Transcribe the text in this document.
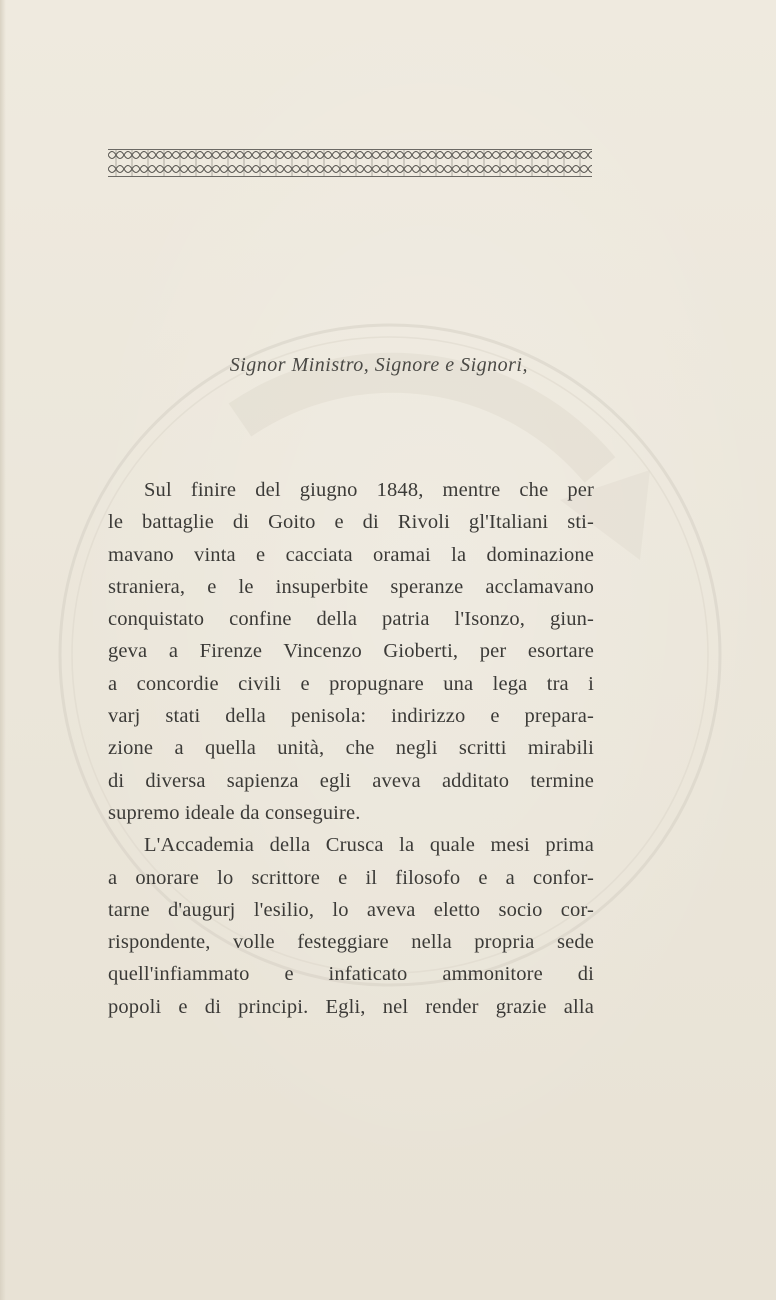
Signor Ministro, Signore e Signori,
Sul finire del giugno 1848, mentre che per
le battaglie di Goito e di Rivoli gl'Italiani sti-
mavano vinta e cacciata oramai la dominazione
straniera, e le insuperbite speranze acclamavano
conquistato confine della patria l'Isonzo, giun-
geva a Firenze Vincenzo Gioberti, per esortare
a concordie civili e propugnare una lega tra i
varj stati della penisola: indirizzo e prepara-
zione a quella unità, che negli scritti mirabili
di diversa sapienza egli aveva additato termine
supremo ideale da conseguire.
L'Accademia della Crusca la quale mesi prima
a onorare lo scrittore e il filosofo e a confor-
tarne d'augurj l'esilio, lo aveva eletto socio cor-
rispondente, volle festeggiare nella propria sede
quell'infiammato e infaticato ammonitore di
popoli e di principi. Egli, nel render grazie alla
